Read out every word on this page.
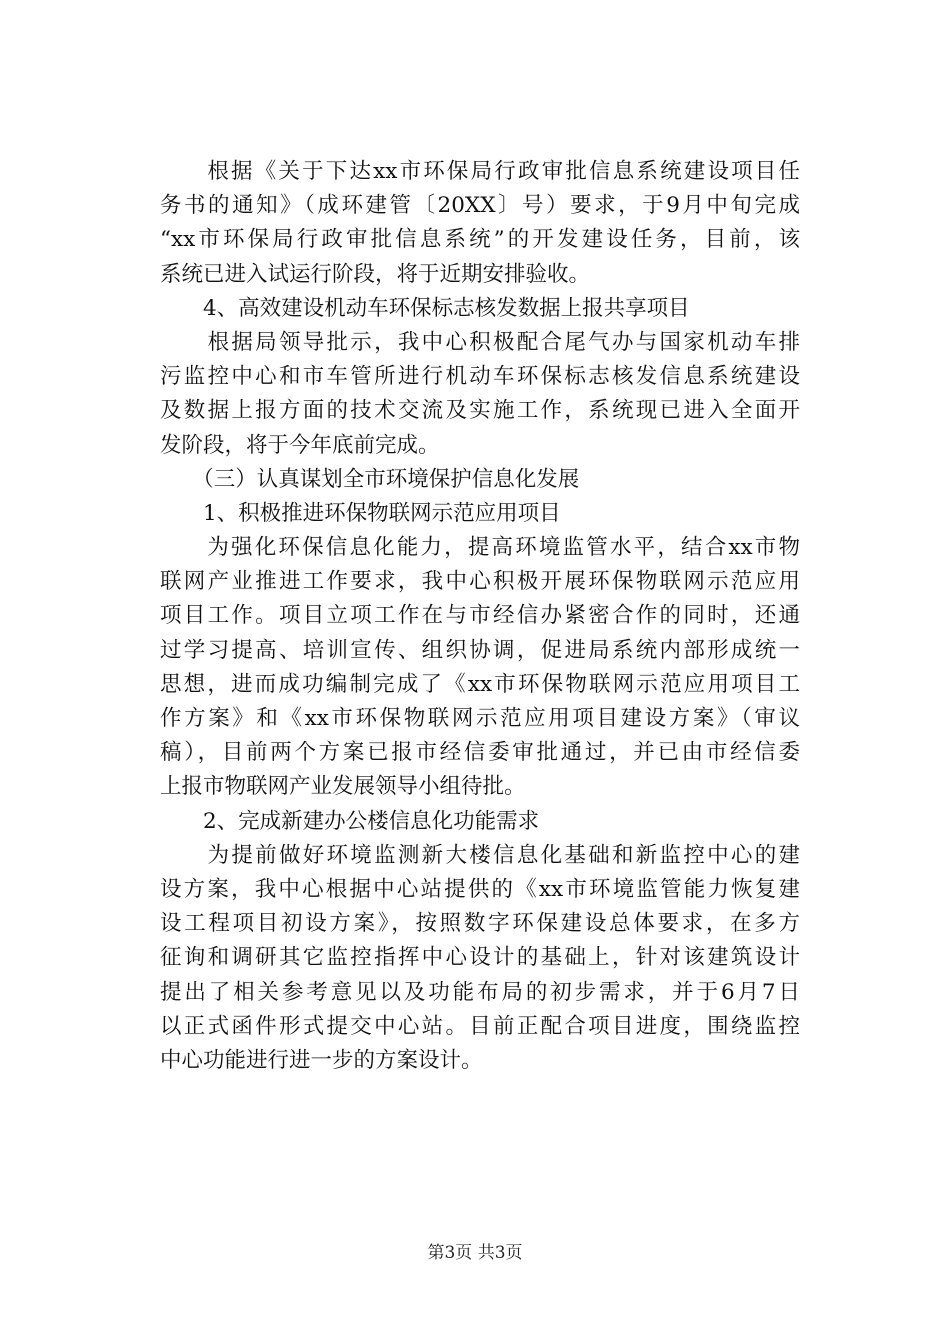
　　根据《关于下达xx市环保局行政审批信息系统建设项目任
务书的通知》（成环建管〔20XX〕号）要求，于9月中旬完成
“xx市环保局行政审批信息系统”的开发建设任务，目前，该
系统已进入试运行阶段，将于近期安排验收。
　　4、高效建设机动车环保标志核发数据上报共享项目
　　根据局领导批示，我中心积极配合尾气办与国家机动车排
污监控中心和市车管所进行机动车环保标志核发信息系统建设
及数据上报方面的技术交流及实施工作，系统现已进入全面开
发阶段，将于今年底前完成。
　　（三）认真谋划全市环境保护信息化发展
　　1、积极推进环保物联网示范应用项目
　　为强化环保信息化能力，提高环境监管水平，结合xx市物
联网产业推进工作要求，我中心积极开展环保物联网示范应用
项目工作。项目立项工作在与市经信办紧密合作的同时，还通
过学习提高、培训宣传、组织协调，促进局系统内部形成统一
思想，进而成功编制完成了《xx市环保物联网示范应用项目工
作方案》和《xx市环保物联网示范应用项目建设方案》（审议
稿），目前两个方案已报市经信委审批通过，并已由市经信委
上报市物联网产业发展领导小组待批。
　　2、完成新建办公楼信息化功能需求
　　为提前做好环境监测新大楼信息化基础和新监控中心的建
设方案，我中心根据中心站提供的《xx市环境监管能力恢复建
设工程项目初设方案》，按照数字环保建设总体要求，在多方
征询和调研其它监控指挥中心设计的基础上，针对该建筑设计
提出了相关参考意见以及功能布局的初步需求，并于6月7日
以正式函件形式提交中心站。目前正配合项目进度，围绕监控
中心功能进行进一步的方案设计。
第3页 共3页
